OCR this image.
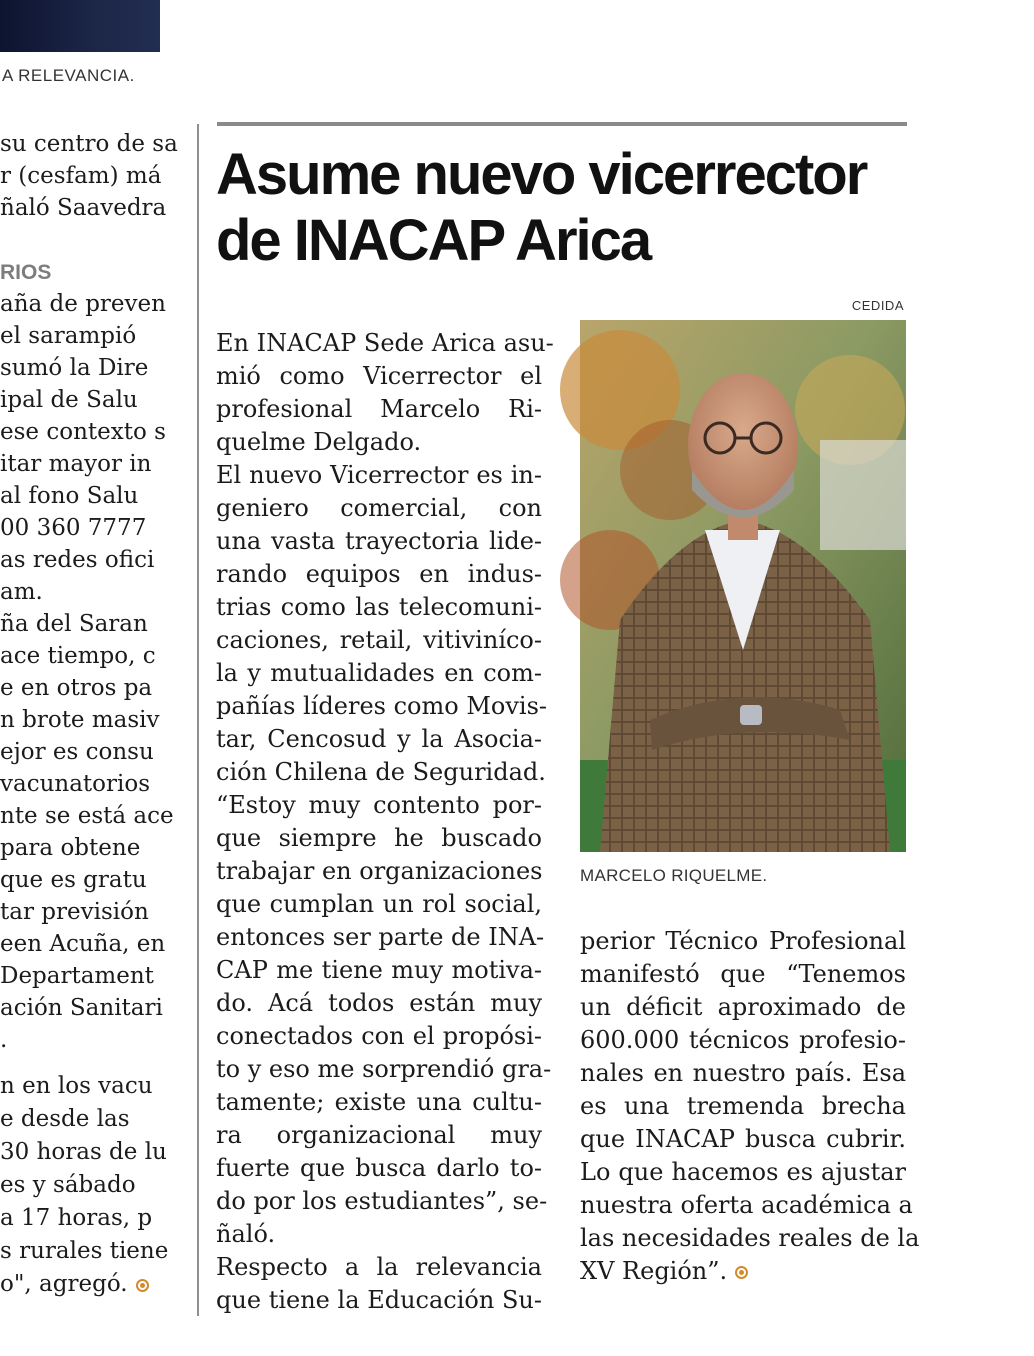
A RELEVANCIA.
su centro de sa
r (cesfam) má
ñaló Saavedra
RIOS
aña de preven
el sarampió
sumó la Dire
ipal de Salu
ese contexto s
itar mayor in
al fono Salu
00 360 7777
as redes ofici
am.
ña del Saran
ace tiempo, c
e en otros pa
n brote masiv
ejor es consu
vacunatorios
nte se está ace
para obtene
que es gratu
tar previsión
een Acuña, en
Departament
ación Sanitari
.
n en los vacu
e desde las
30 horas de lu
es y sábado
a 17 horas, p
s rurales tiene
o", agregó.
Asume nuevo vicerrector
de INACAP Arica
CEDIDA
MARCELO RIQUELME.
En INACAP Sede Arica asu-
mió como Vicerrector el
profesional Marcelo Ri-
quelme Delgado.
El nuevo Vicerrector es in-
geniero comercial, con
una vasta trayectoria lide-
rando equipos en indus-
trias como las telecomuni-
caciones, retail, vitiviníco-
la y mutualidades en com-
pañías líderes como Movis-
tar, Cencosud y la Asocia-
ción Chilena de Seguridad.
“Estoy muy contento por-
que siempre he buscado
trabajar en organizaciones
que cumplan un rol social,
entonces ser parte de INA-
CAP me tiene muy motiva-
do. Acá todos están muy
conectados con el propósi-
to y eso me sorprendió gra-
tamente; existe una cultu-
ra organizacional muy
fuerte que busca darlo to-
do por los estudiantes”, se-
ñaló.
Respecto a la relevancia
que tiene la Educación Su-
perior Técnico Profesional
manifestó que “Tenemos
un déficit aproximado de
600.000 técnicos profesio-
nales en nuestro país. Esa
es una tremenda brecha
que INACAP busca cubrir.
Lo que hacemos es ajustar
nuestra oferta académica a
las necesidades reales de la
XV Región”.
